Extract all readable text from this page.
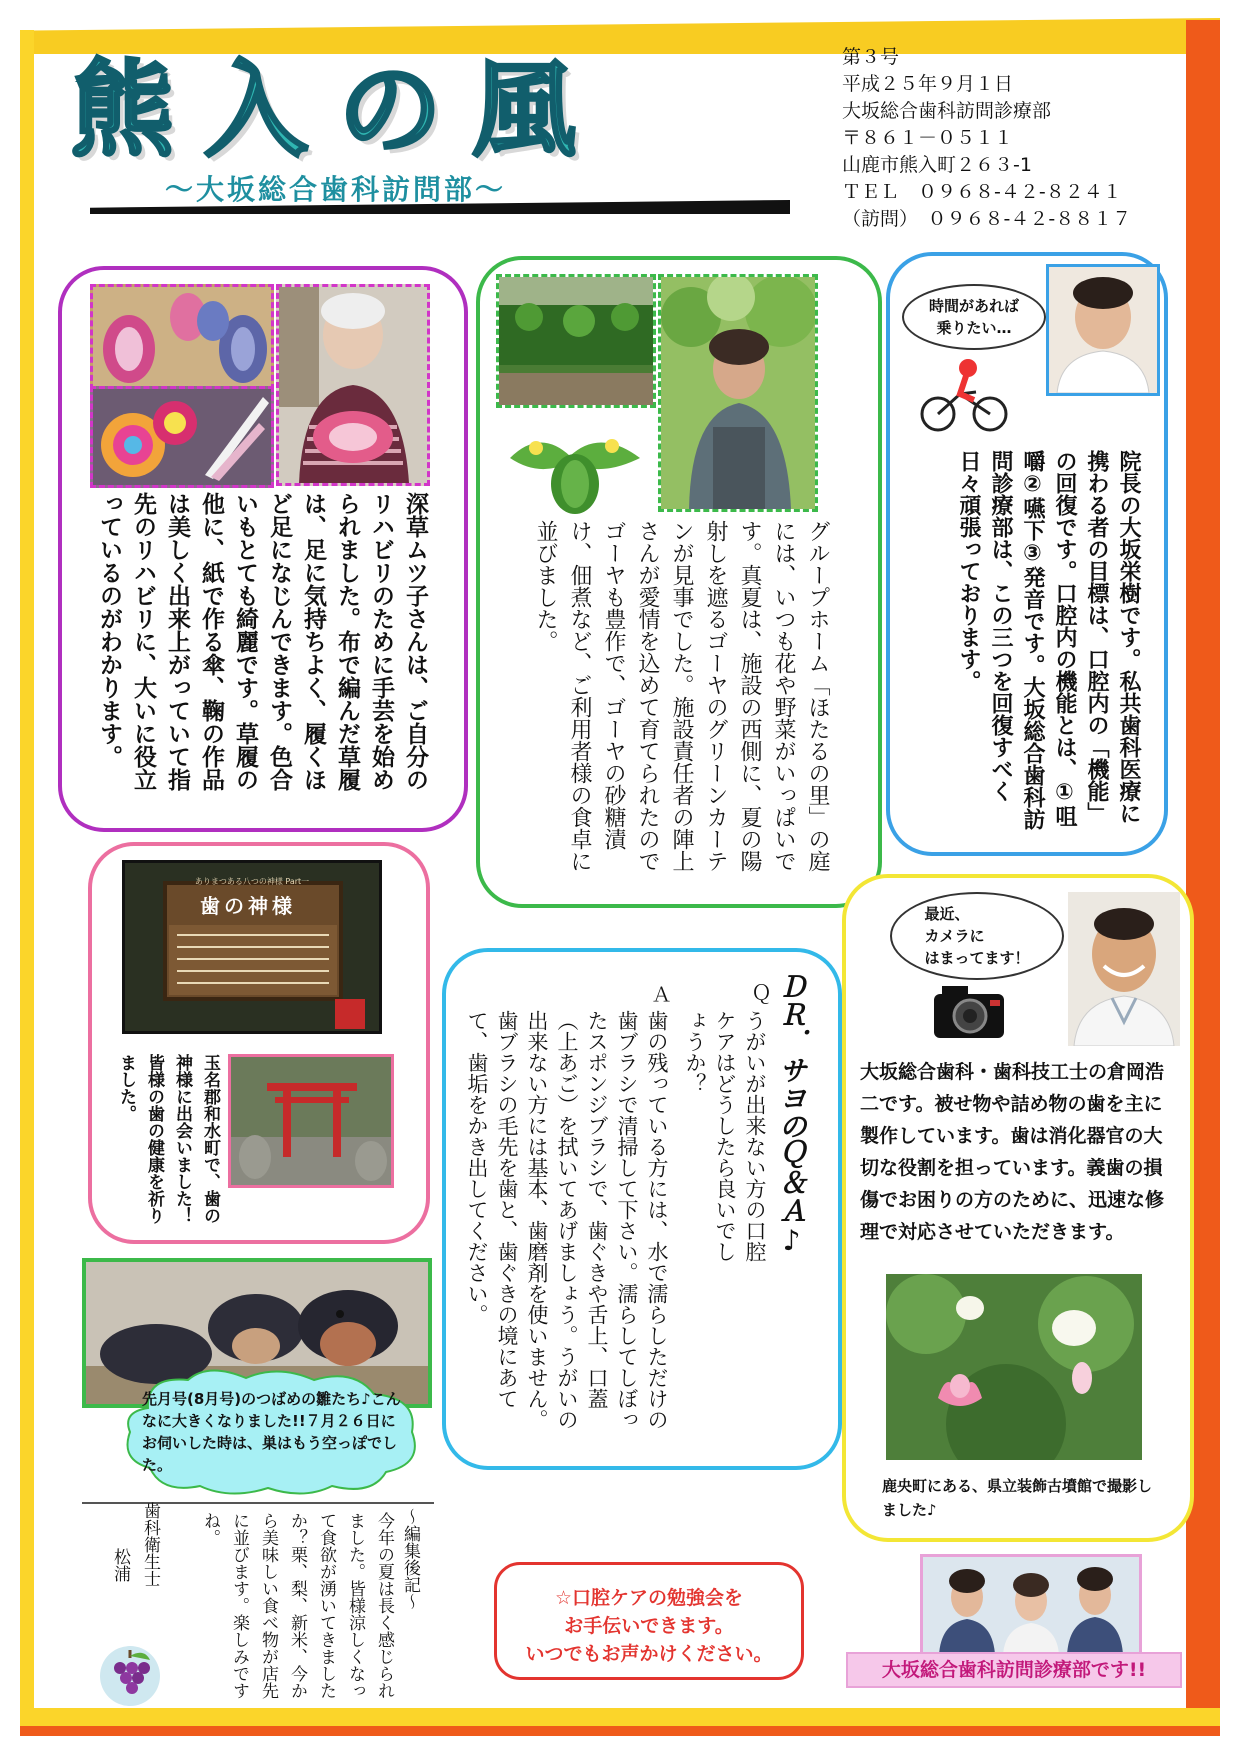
熊入の風
～大坂総合歯科訪問部～
第３号
平成２５年９月１日
大坂総合歯科訪問診療部
〒８６１－０５１１
山鹿市熊入町２６３-1
ＴＥＬ　０９６８-４２-８２４１
（訪問）　０９６８-４２-８８１７
深草ムツ子さんは、ご自分のリハビリのために手芸を始められました。布で編んだ草履は、足に気持ちよく、履くほど足になじんできます。色合いもとても綺麗です。草履の他に、紙で作る傘、鞠の作品は美しく出来上がっていて指先のリハビリに、大いに役立っているのがわかります。	グループホーム「ほたるの里」の庭には、いつも花や野菜がいっぱいです。真夏は、施設の西側に、夏の陽射しを遮るゴーヤのグリーンカーテンが見事でした。施設責任者の陣上さんが愛情を込めて育てられたのでゴーヤも豊作で、ゴーヤの砂糖漬け、佃煮など、ご利用者様の食卓に並びました。
時間があれば
乗りたい…
院長の大坂栄樹です。私共歯科医療に携わる者の目標は、口腔内の「機能」の回復です。口腔内の機能とは、①咀嚼②嚥下③発音です。大坂総合歯科訪問診療部は、この三つを回復すべく日々頑張っております。
歯の神様
ありまつある八つの神様 Part一
玉名郡和水町で、歯の神様に出会いました！皆様の歯の健康を祈りました。	ＤＲ．サヨのＱ＆Ａ♪
Ｑ
うがいが出来ない方の口腔ケアはどうしたら良いでしょうか？
Ａ
歯の残っている方には、水で濡らしただけの歯ブラシで清掃して下さい。濡らしてしぼったスポンジブラシで、歯ぐきや舌上、口蓋（上あご）を拭いてあげましょう。うがいの出来ない方には基本、歯磨剤を使いません。歯ブラシの毛先を歯と、歯ぐきの境にあてて、歯垢をかき出してください。
最近、
カメラに
はまってます！
大坂総合歯科・歯科技工士の倉岡浩二です。被せ物や詰め物の歯を主に製作しています。歯は消化器官の大切な役割を担っています。義歯の損傷でお困りの方のために、迅速な修理で対応させていただきます。
鹿央町にある、県立装飾古墳館で撮影しました♪
先月号(8月号)のつばめの雛たち♪こんなに大きくなりました!!７月２６日にお伺いした時は、巣はもう空っぽでした。
～編集後記～
今年の夏は長く感じられました。皆様涼しくなって食欲が湧いてきましたか？栗、梨、新米、今から美味しい食べ物が店先に並びます。楽しみですね。
歯科衛生士
松浦
☆口腔ケアの勉強会を
お手伝いできます。
いつでもお声かけください。
大坂総合歯科訪問診療部です!!
